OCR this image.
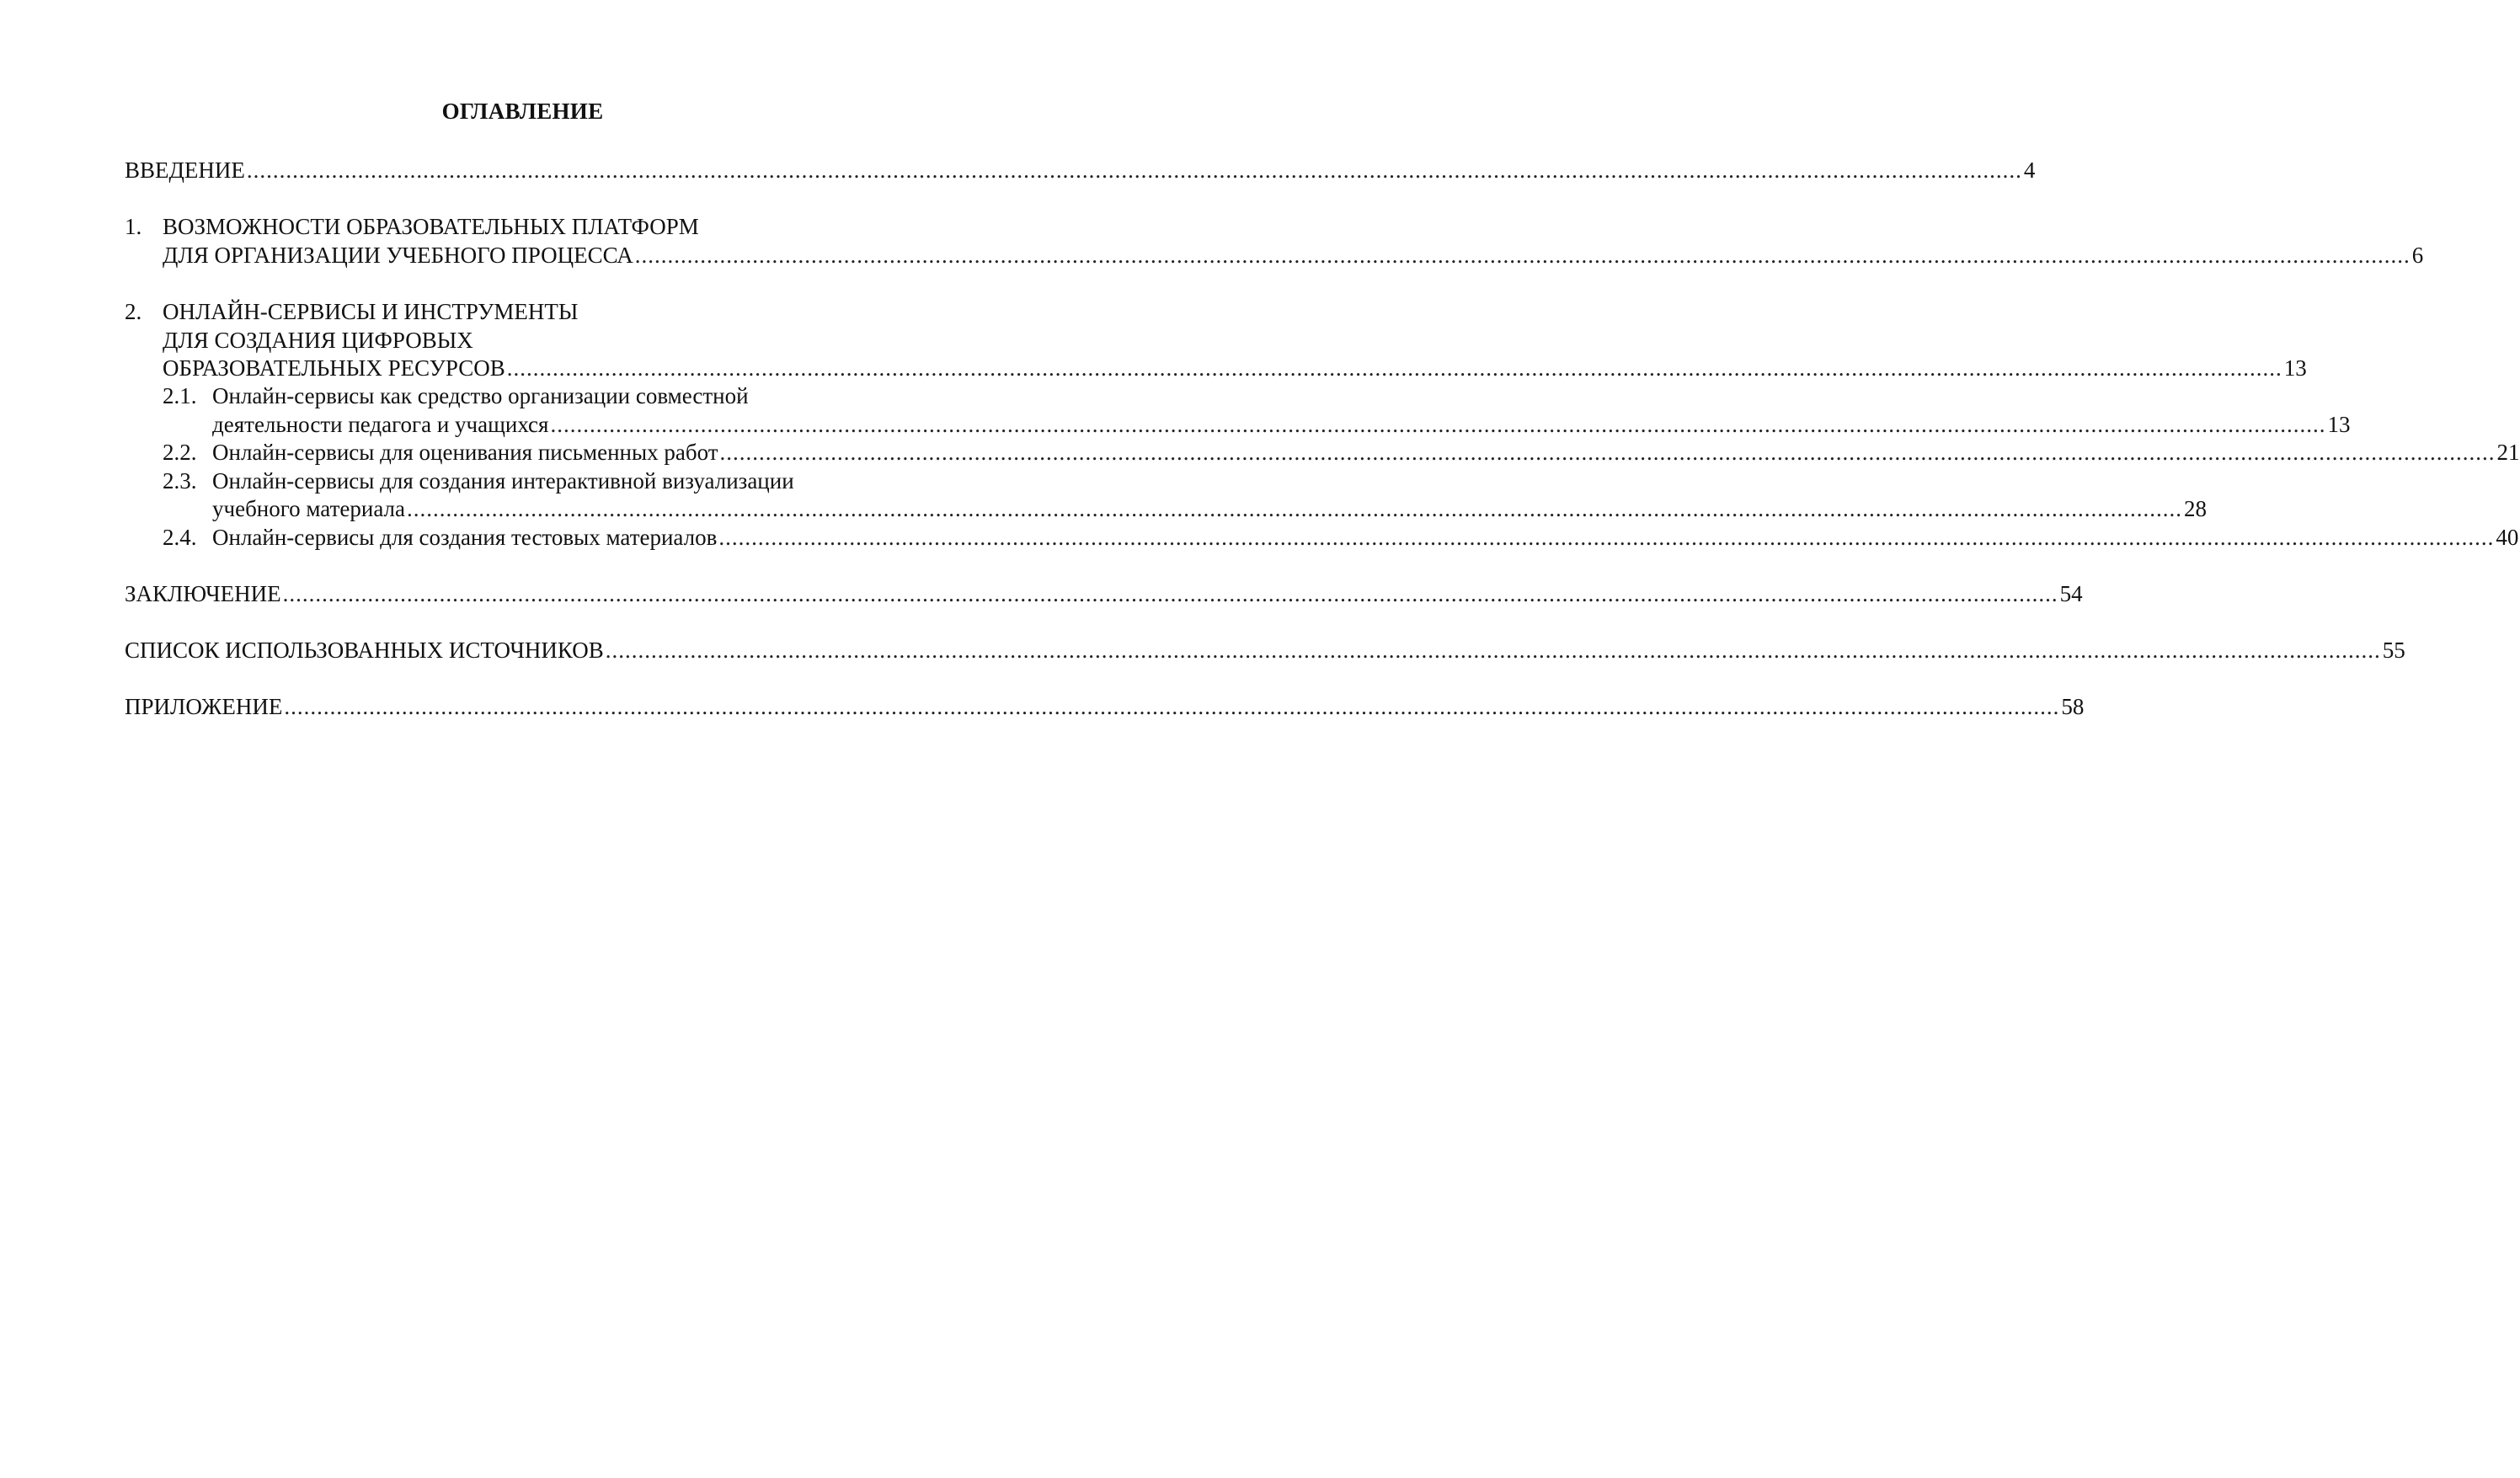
ОГЛАВЛЕНИЕ
ВВЕДЕНИЕ ................................................................................................................................................................................................................................................................................ 4
1. ВОЗМОЖНОСТИ ОБРАЗОВАТЕЛЬНЫХ ПЛАТФОРМ
ДЛЯ ОРГАНИЗАЦИИ УЧЕБНОГО ПРОЦЕССА ................................................................................................................................................................................................................................................................................ 6
2. ОНЛАЙН-СЕРВИСЫ И ИНСТРУМЕНТЫ
ДЛЯ СОЗДАНИЯ ЦИФРОВЫХ
ОБРАЗОВАТЕЛЬНЫХ РЕСУРСОВ ................................................................................................................................................................................................................................................................................ 13
2.1. Онлайн-сервисы как средство организации совместной
деятельности педагога и учащихся ................................................................................................................................................................................................................................................................................ 13
2.2. Онлайн-сервисы для оценивания письменных работ ................................................................................................................................................................................................................................................................................ 21
2.3. Онлайн-сервисы для создания интерактивной визуализации
учебного материала ................................................................................................................................................................................................................................................................................ 28
2.4. Онлайн-сервисы для создания тестовых материалов ................................................................................................................................................................................................................................................................................ 40
ЗАКЛЮЧЕНИЕ ................................................................................................................................................................................................................................................................................ 54
СПИСОК ИСПОЛЬЗОВАННЫХ ИСТОЧНИКОВ ................................................................................................................................................................................................................................................................................ 55
ПРИЛОЖЕНИЕ ................................................................................................................................................................................................................................................................................ 58
